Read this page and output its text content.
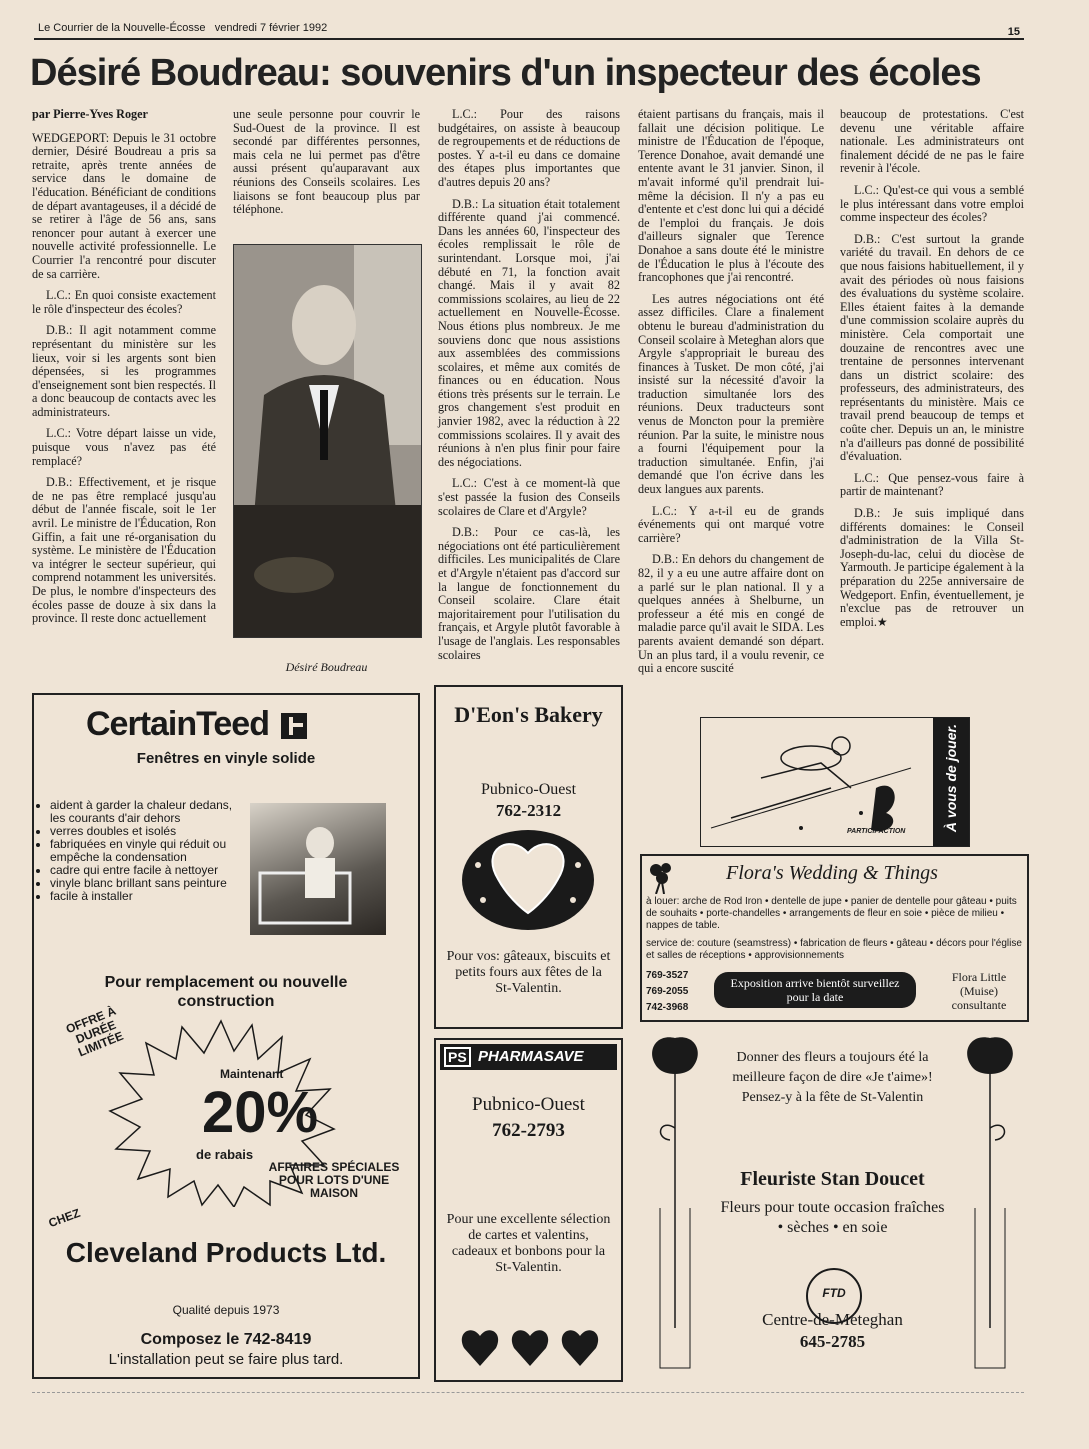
Le Courrier de la Nouvelle-Écosse vendredi 7 février 1992	15
Désiré Boudreau: souvenirs d'un inspecteur des écoles

par Pierre-Yves Roger

WEDGEPORT: Depuis le 31 octobre dernier, Désiré Boudreau a pris sa retraite, après trente années de service dans le domaine de l'éducation. Bénéficiant de conditions de départ avantageuses, il a décidé de se retirer à l'âge de 56 ans, sans renoncer pour autant à exercer une nouvelle activité professionnelle. Le Courrier l'a rencontré pour discuter de sa carrière.

L.C.: En quoi consiste exactement le rôle d'inspecteur des écoles?

D.B.: Il agit notamment comme représentant du ministère sur les lieux, voir si les argents sont bien dépensées, si les programmes d'enseignement sont bien respectés. Il a donc beaucoup de contacts avec les administrateurs.

L.C.: Votre départ laisse un vide, puisque vous n'avez pas été remplacé?

D.B.: Effectivement, et je risque de ne pas être remplacé jusqu'au début de l'année fiscale, soit le 1er avril. Le ministre de l'Éducation, Ron Giffin, a fait une ré-organisation du système. Le ministère de l'Éducation va intégrer le secteur supérieur, qui comprend notamment les universités. De plus, le nombre d'inspecteurs des écoles passe de douze à six dans la province. Il reste donc actuellement

une seule personne pour couvrir le Sud-Ouest de la province. Il est secondé par différentes personnes, mais cela ne lui permet pas d'être aussi présent qu'auparavant aux réunions des Conseils scolaires. Les liaisons se font beaucoup plus par téléphone.

Désiré Boudreau

L.C.: Pour des raisons budgétaires, on assiste à beaucoup de regroupements et de réductions de postes. Y a-t-il eu dans ce domaine des étapes plus importantes que d'autres depuis 20 ans?

D.B.: La situation était totalement différente quand j'ai commencé. Dans les années 60, l'inspecteur des écoles remplissait le rôle de surintendant. Lorsque moi, j'ai débuté en 71, la fonction avait changé. Mais il y avait 82 commissions scolaires, au lieu de 22 actuellement en Nouvelle-Écosse. Nous étions plus nombreux. Je me souviens donc que nous assistions aux assemblées des commissions scolaires, et même aux comités de finances ou en éducation. Nous étions très présents sur le terrain. Le gros changement s'est produit en janvier 1982, avec la réduction à 22 commissions scolaires. Il y avait des réunions à n'en plus finir pour faire des négociations.

L.C.: C'est à ce moment-là que s'est passée la fusion des Conseils scolaires de Clare et d'Argyle?

D.B.: Pour ce cas-là, les négociations ont été particulièrement difficiles. Les municipalités de Clare et d'Argyle n'étaient pas d'accord sur la langue de fonctionnement du Conseil scolaire. Clare était majoritairement pour l'utilisation du français, et Argyle plutôt favorable à l'usage de l'anglais. Les responsables scolaires

étaient partisans du français, mais il fallait une décision politique. Le ministre de l'Éducation de l'époque, Terence Donahoe, avait demandé une entente avant le 31 janvier. Sinon, il m'avait informé qu'il prendrait lui-même la décision. Il n'y a pas eu d'entente et c'est donc lui qui a décidé de l'emploi du français. Je dois d'ailleurs signaler que Terence Donahoe a sans doute été le ministre de l'Éducation le plus à l'écoute des francophones que j'ai rencontré.

Les autres négociations ont été assez difficiles. Clare a finalement obtenu le bureau d'administration du Conseil scolaire à Meteghan alors que Argyle s'appropriait le bureau des finances à Tusket. De mon côté, j'ai insisté sur la nécessité d'avoir la traduction simultanée lors des réunions. Deux traducteurs sont venus de Moncton pour la première réunion. Par la suite, le ministre nous a fourni l'équipement pour la traduction simultanée. Enfin, j'ai demandé que l'on écrive dans les deux langues aux parents.

L.C.: Y a-t-il eu de grands événements qui ont marqué votre carrière?

D.B.: En dehors du changement de 82, il y a eu une autre affaire dont on a parlé sur le plan national. Il y a quelques années à Shelburne, un professeur a été mis en congé de maladie parce qu'il avait le SIDA. Les parents avaient demandé son départ. Un an plus tard, il a voulu revenir, ce qui a encore suscité

beaucoup de protestations. C'est devenu une véritable affaire nationale. Les administrateurs ont finalement décidé de ne pas le faire revenir à l'école.

L.C.: Qu'est-ce qui vous a semblé le plus intéressant dans votre emploi comme inspecteur des écoles?

D.B.: C'est surtout la grande variété du travail. En dehors de ce que nous faisions habituellement, il y avait des périodes où nous faisions des évaluations du système scolaire. Elles étaient faites à la demande d'une commission scolaire auprès du ministère. Cela comportait une douzaine de rencontres avec une trentaine de personnes intervenant dans un district scolaire: des professeurs, des administrateurs, des représentants du ministère. Mais ce travail prend beaucoup de temps et coûte cher. Depuis un an, le ministre n'a d'ailleurs pas donné de possibilité d'évaluation.

L.C.: Que pensez-vous faire à partir de maintenant?

D.B.: Je suis impliqué dans différents domaines: le Conseil d'administration de la Villa St-Joseph-du-lac, celui du diocèse de Yarmouth. Je participe également à la préparation du 225e anniversaire de Wedgeport. Enfin, éventuellement, je n'exclue pas de retrouver un emploi.★

CertainTeed
Fenêtres en vinyle solide
• aident à garder la chaleur dedans, les courants d'air dehors
• verres doubles et isolés
• fabriquées en vinyle qui réduit ou empêche la condensation
• cadre qui entre facile à nettoyer
• vinyle blanc brillant sans peinture
• facile à installer
Pour remplacement ou nouvelle construction
OFFRE À DURÉE LIMITÉE
Maintenant
20%
de rabais
AFFAIRES SPÉCIALES POUR LOTS D'UNE MAISON
CHEZ
Cleveland Products Ltd.
Qualité depuis 1973
Composez le 742-8419
L'installation peut se faire plus tard.
D'Eon's Bakery
Pubnico-Ouest
762-2312
Pour vos: gâteaux, biscuits et petits fours aux fêtes de la St-Valentin.
PS PHARMASAVE
Pubnico-Ouest
762-2793
Pour une excellente sélection de cartes et valentins, cadeaux et bonbons pour la St-Valentin.
PARTICIPACTION	À vous de jouer.
Flora's Wedding & Things
à louer: arche de Rod Iron • dentelle de jupe • panier de dentelle pour gâteau • puits de souhaits • porte-chandelles • arrangements de fleur en soie • pièce de milieu • nappes de table.
service de: couture (seamstress) • fabrication de fleurs • gâteau • décors pour l'église et salles de réceptions • approvisionnements
769-3527
769-2055
742-3968
Exposition arrive bientôt surveillez pour la date
Flora Little (Muise) consultante
Donner des fleurs a toujours été la meilleure façon de dire «Je t'aime»! Pensez-y à la fête de St-Valentin
Fleuriste Stan Doucet
Fleurs pour toute occasion fraîches • sèches • en soie
FTD
Centre-de-Meteghan
645-2785
